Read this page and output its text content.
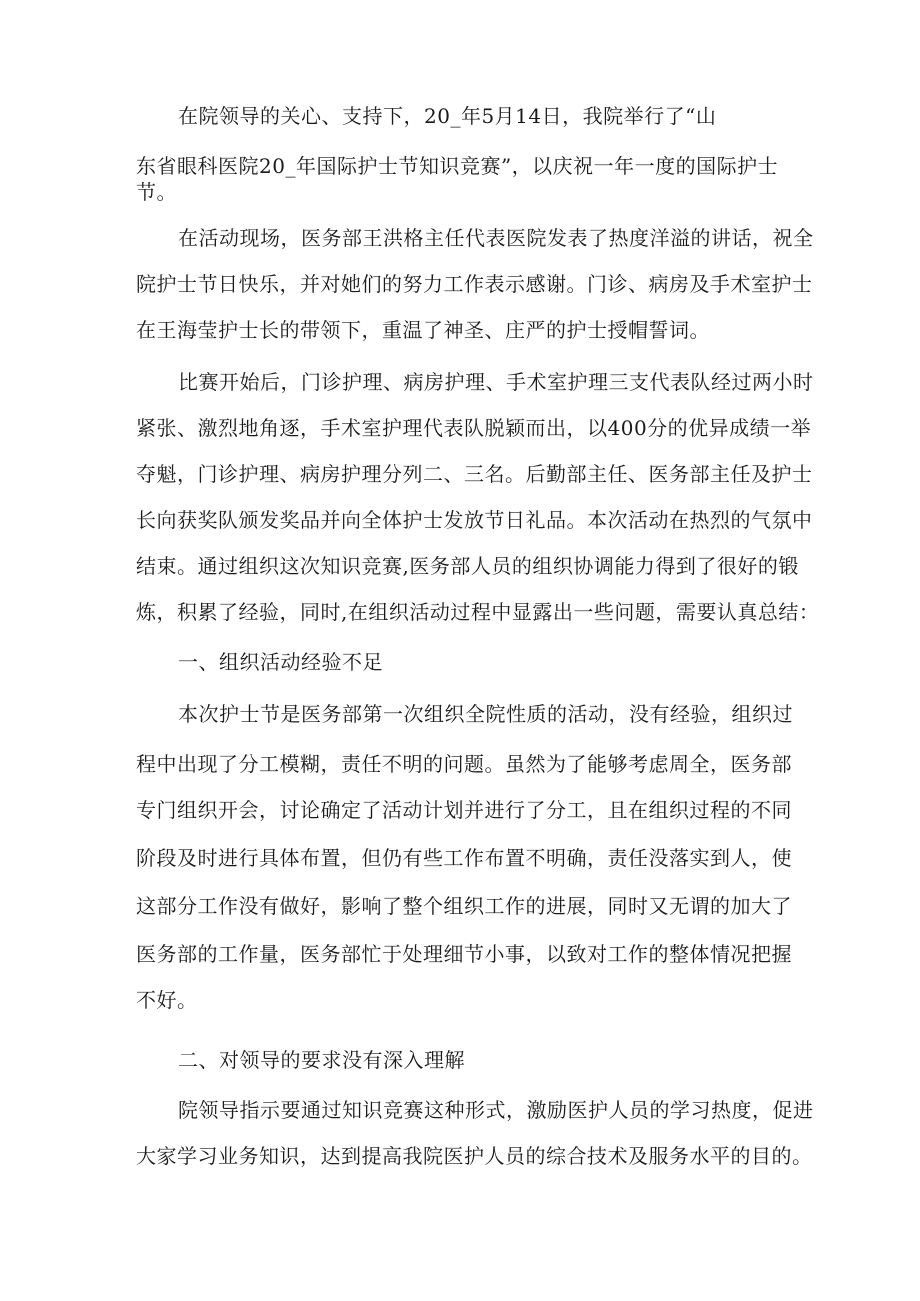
在院领导的关心、支持下，20_年5月14日，我院举行了“山
东省眼科医院20_年国际护士节知识竞赛”，以庆祝一年一度的国际护士
节。
在活动现场，医务部王洪格主任代表医院发表了热度洋溢的讲话，祝全
院护士节日快乐，并对她们的努力工作表示感谢。门诊、病房及手术室护士
在王海莹护士长的带领下，重温了神圣、庄严的护士授帽誓词。
比赛开始后，门诊护理、病房护理、手术室护理三支代表队经过两小时
紧张、激烈地角逐，手术室护理代表队脱颖而出，以400分的优异成绩一举
夺魁，门诊护理、病房护理分列二、三名。后勤部主任、医务部主任及护士
长向获奖队颁发奖品并向全体护士发放节日礼品。本次活动在热烈的气氛中
结束。通过组织这次知识竞赛,医务部人员的组织协调能力得到了很好的锻
炼，积累了经验，同时,在组织活动过程中显露出一些问题，需要认真总结：
一、组织活动经验不足
本次护士节是医务部第一次组织全院性质的活动，没有经验，组织过
程中出现了分工模糊，责任不明的问题。虽然为了能够考虑周全，医务部
专门组织开会，讨论确定了活动计划并进行了分工，且在组织过程的不同
阶段及时进行具体布置，但仍有些工作布置不明确，责任没落实到人，使
这部分工作没有做好，影响了整个组织工作的进展，同时又无谓的加大了
医务部的工作量，医务部忙于处理细节小事，以致对工作的整体情况把握
不好。
二、对领导的要求没有深入理解
院领导指示要通过知识竞赛这种形式，激励医护人员的学习热度，促进
大家学习业务知识，达到提高我院医护人员的综合技术及服务水平的目的。
